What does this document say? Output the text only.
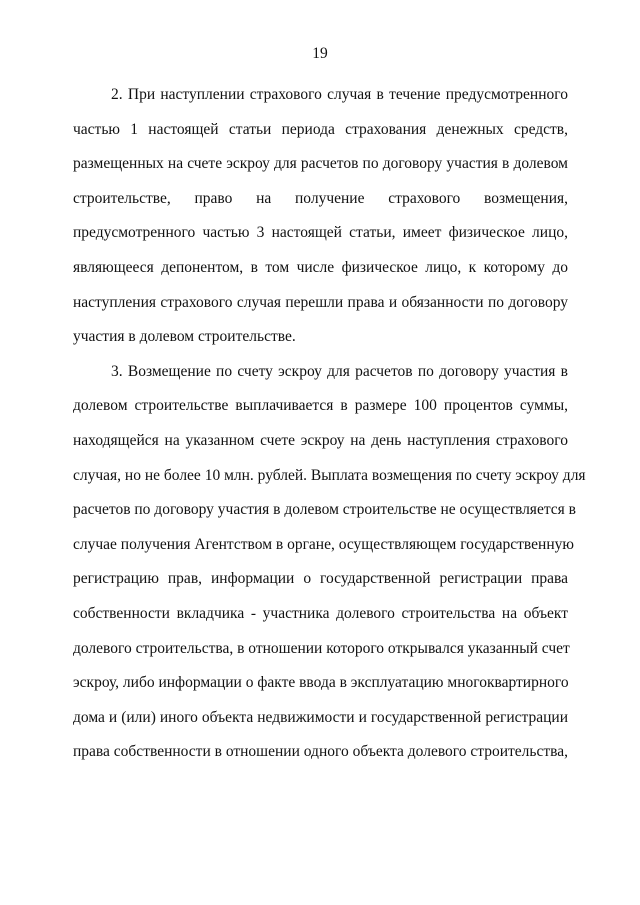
19
2. При наступлении страхового случая в течение предусмотренного
частью 1 настоящей статьи периода страхования денежных средств,
размещенных на счете эскроу для расчетов по договору участия в долевом
строительстве, право на получение страхового возмещения,
предусмотренного частью 3 настоящей статьи, имеет физическое лицо,
являющееся депонентом, в том числе физическое лицо, к которому до
наступления страхового случая перешли права и обязанности по договору
участия в долевом строительстве.
3. Возмещение по счету эскроу для расчетов по договору участия в
долевом строительстве выплачивается в размере 100 процентов суммы,
находящейся на указанном счете эскроу на день наступления страхового
случая, но не более 10 млн. рублей. Выплата возмещения по счету эскроу для
расчетов по договору участия в долевом строительстве не осуществляется в
случае получения Агентством в органе, осуществляющем государственную
регистрацию прав, информации о государственной регистрации права
собственности вкладчика - участника долевого строительства на объект
долевого строительства, в отношении которого открывался указанный счет
эскроу, либо информации о факте ввода в эксплуатацию многоквартирного
дома и (или) иного объекта недвижимости и государственной регистрации
права собственности в отношении одного объекта долевого строительства,
